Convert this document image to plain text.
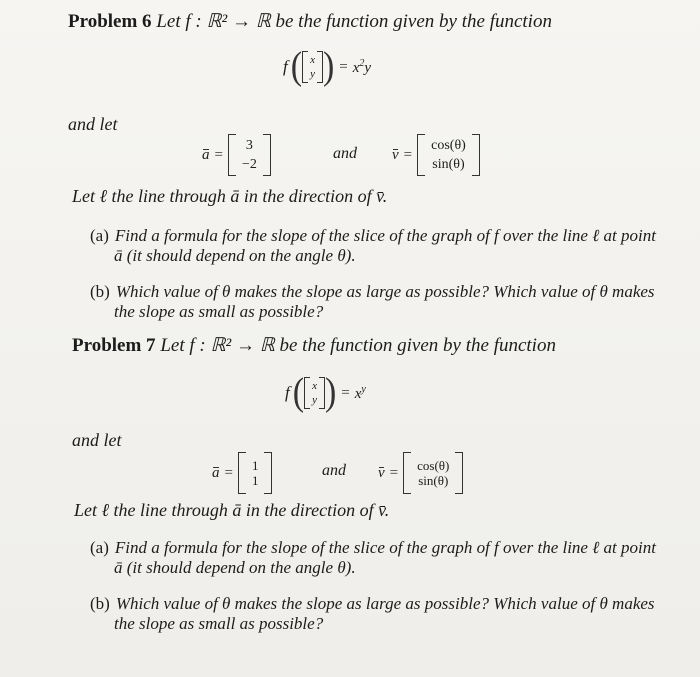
Problem 6 Let f : ℝ² → ℝ be the function given by the function
f ( x
y ) = $x^2y$
and let
a =
3
−2
and v =
cos(θ)
sin(θ)
Let ℓ the line through ā in the direction of v̄.
(a) Find a formula for the slope of the slice of the graph of f over the line ℓ at point
ā (it should depend on the angle θ).
(b) Which value of θ makes the slope as large as possible? Which value of θ makes
the slope as small as possible?
Problem 7 Let f : ℝ² → ℝ be the function given by the function
f ( x
y ) = $x^y$
and let
a = 1
1
and v = cos(θ)
sin(θ)
Let ℓ the line through ā in the direction of v̄.
(a) Find a formula for the slope of the slice of the graph of f over the line ℓ at point
ā (it should depend on the angle θ).
(b) Which value of θ makes the slope as large as possible? Which value of θ makes
the slope as small as possible?
